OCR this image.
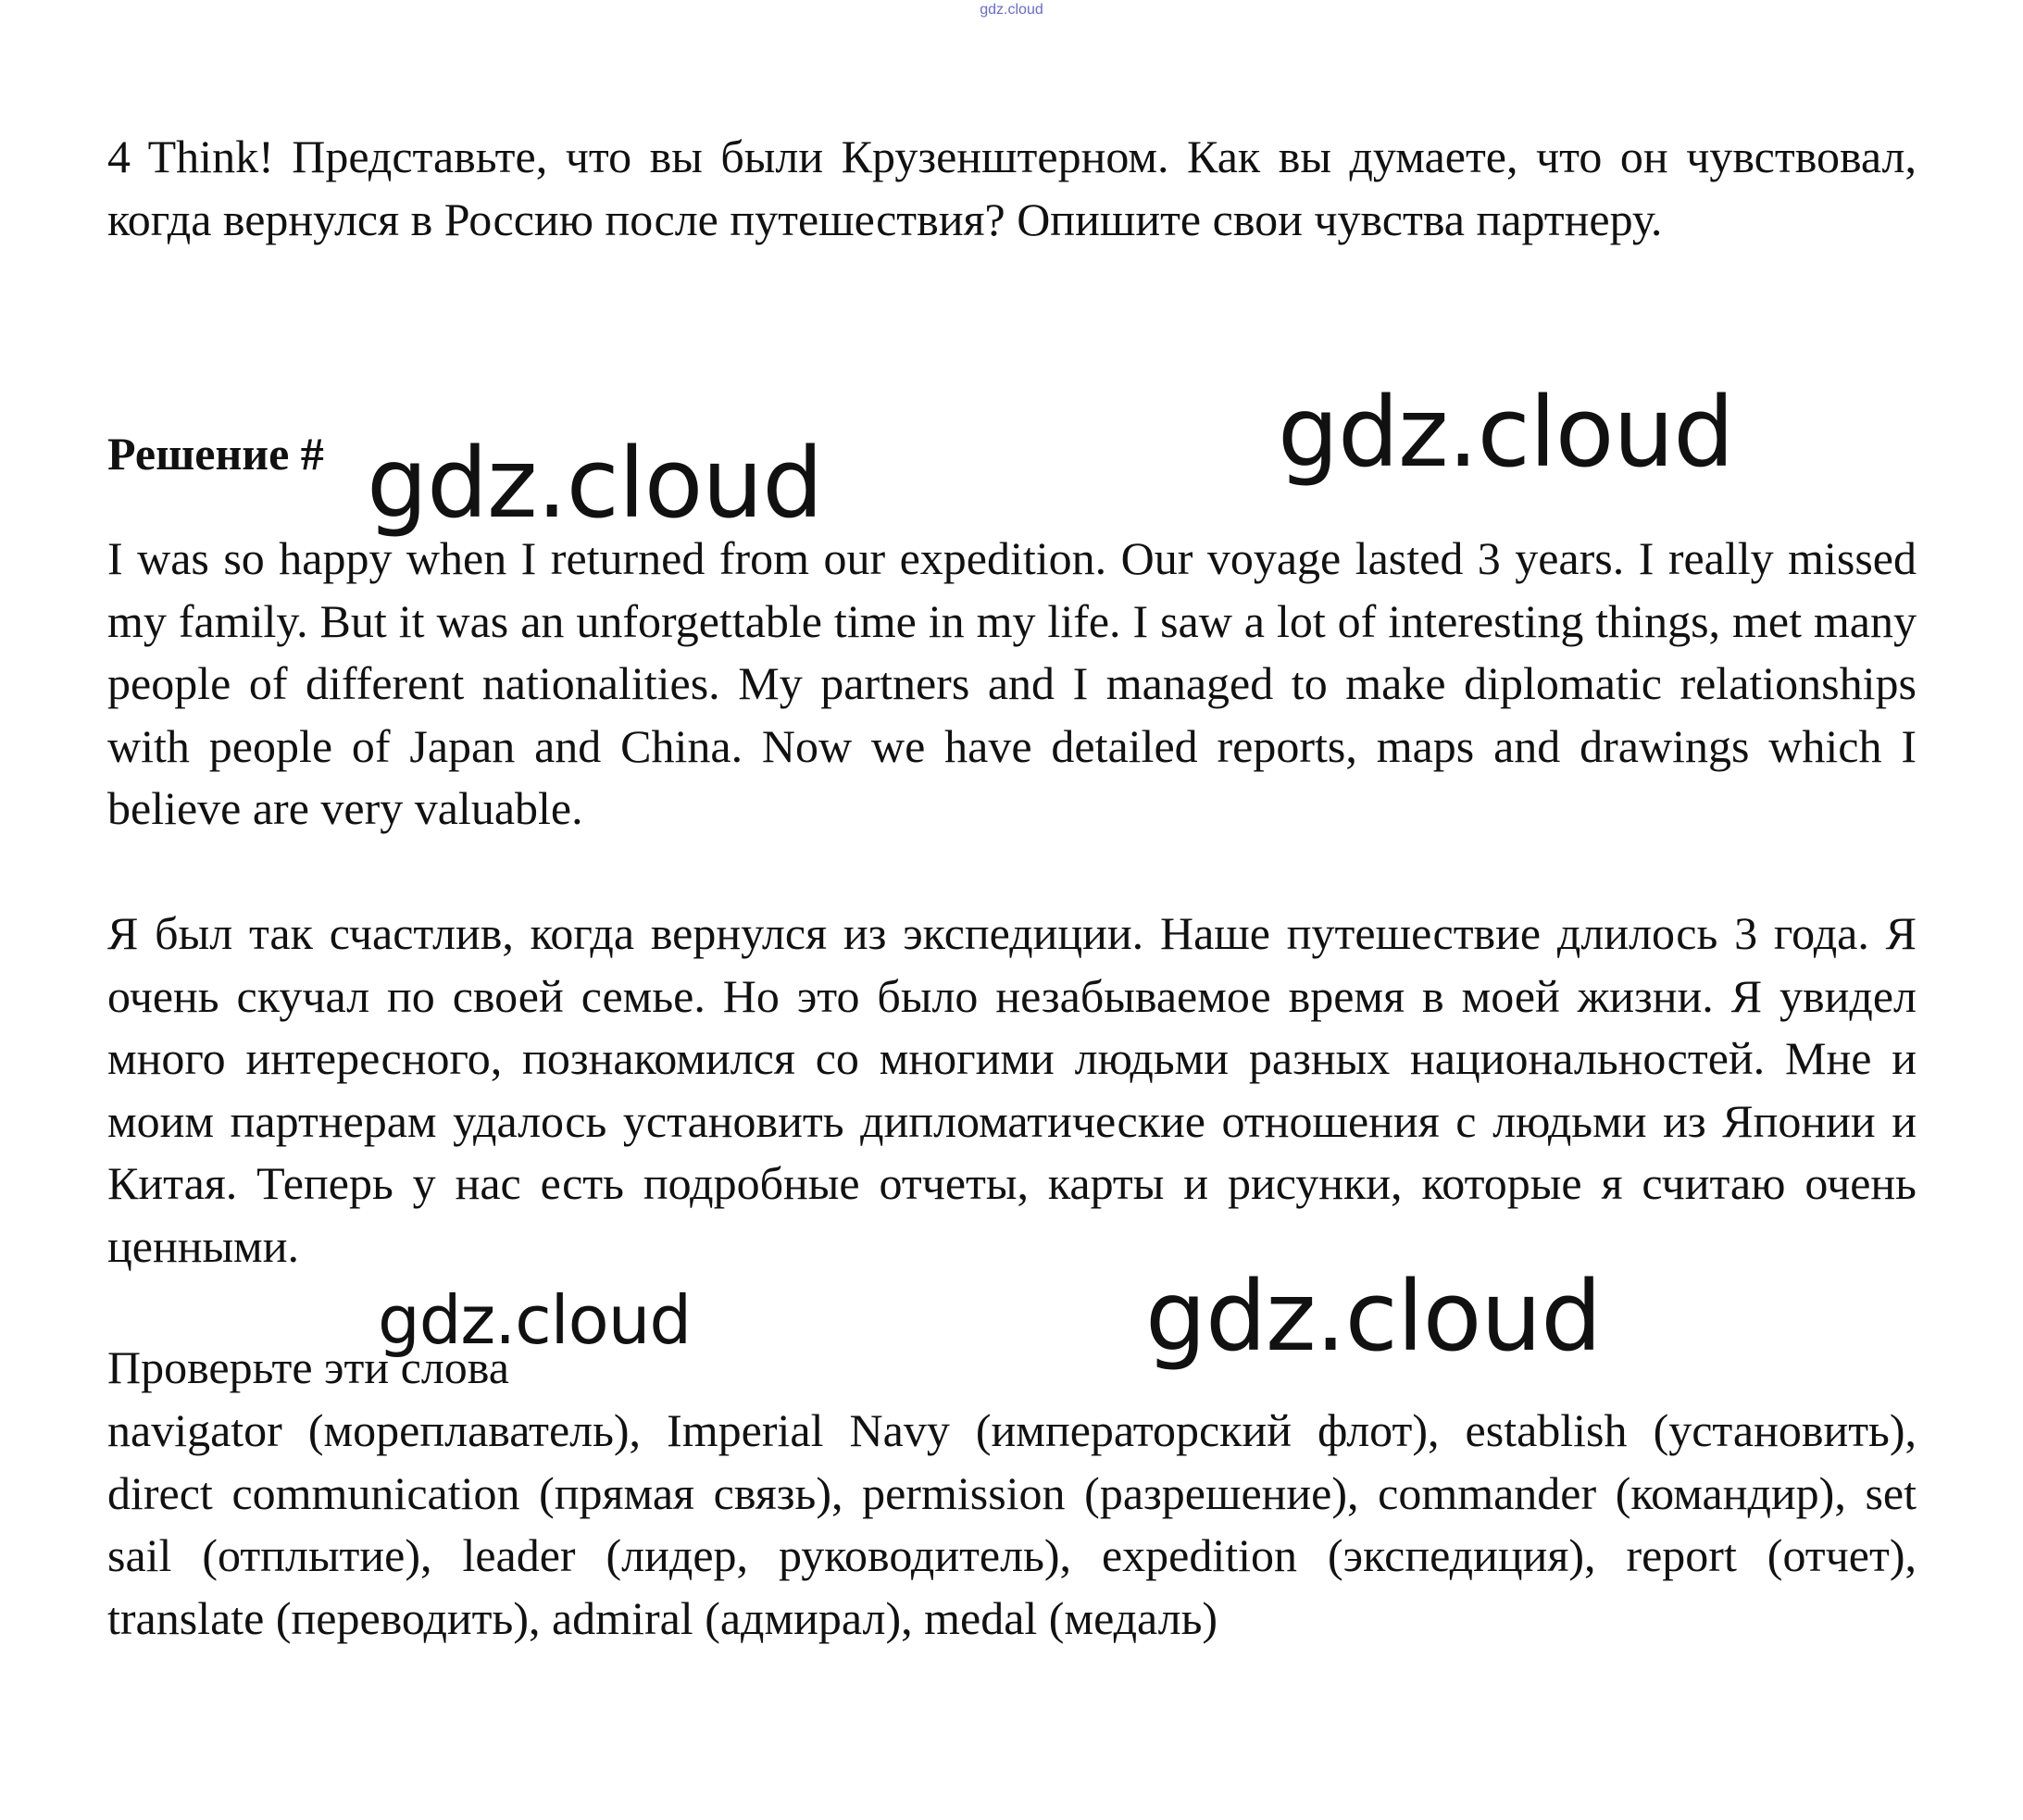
gdz.cloud

4 Think! Представьте, что вы были Крузенштерном. Как вы думаете, что он чувствовал, когда вернулся в Россию после путешествия? Опишите свои чувства партнеру.

Решение #

I was so happy when I returned from our expedition. Our voyage lasted 3 years. I really missed my family. But it was an unforgettable time in my life. I saw a lot of interesting things, met many people of different nationalities. My partners and I managed to make diplomatic relationships with people of Japan and China. Now we have detailed reports, maps and drawings which I believe are very valuable.

Я был так счастлив, когда вернулся из экспедиции. Наше путешествие длилось 3 года. Я очень скучал по своей семье. Но это было незабываемое время в моей жизни. Я увидел много интересного, познакомился со многими людьми разных национальностей. Мне и моим партнерам удалось установить дипломатические отношения с людьми из Японии и Китая. Теперь у нас есть подробные отчеты, карты и рисунки, которые я считаю очень ценными.

Проверьте эти слова

navigator (мореплаватель), Imperial Navy (императорский флот), establish (установить), direct communication (прямая связь), permission (разрешение), commander (командир), set sail (отплытие), leader (лидер, руководитель), expedition (экспедиция), report (отчет), translate (переводить), admiral (адмирал), medal (медаль)

gdz.cloud
gdz.cloud
gdz.cloud	gdz.cloud
